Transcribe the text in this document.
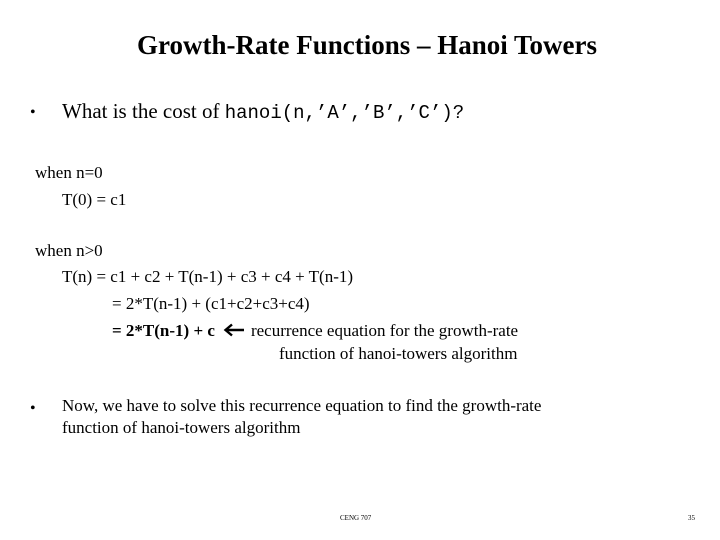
Growth-Rate Functions – Hanoi Towers
• What is the cost of hanoi(n,’A’,’B’,’C’)?
when n=0
T(0) = c1
when n>0
T(n) = c1 + c2 + T(n-1) + c3 + c4 + T(n-1)
= 2*T(n-1) + (c1+c2+c3+c4)
= 2*T(n-1) + c recurrence equation for the growth-rate
function of hanoi-towers algorithm
• Now, we have to solve this recurrence equation to find the growth-rate
function of hanoi-towers algorithm
CENG 707	35
